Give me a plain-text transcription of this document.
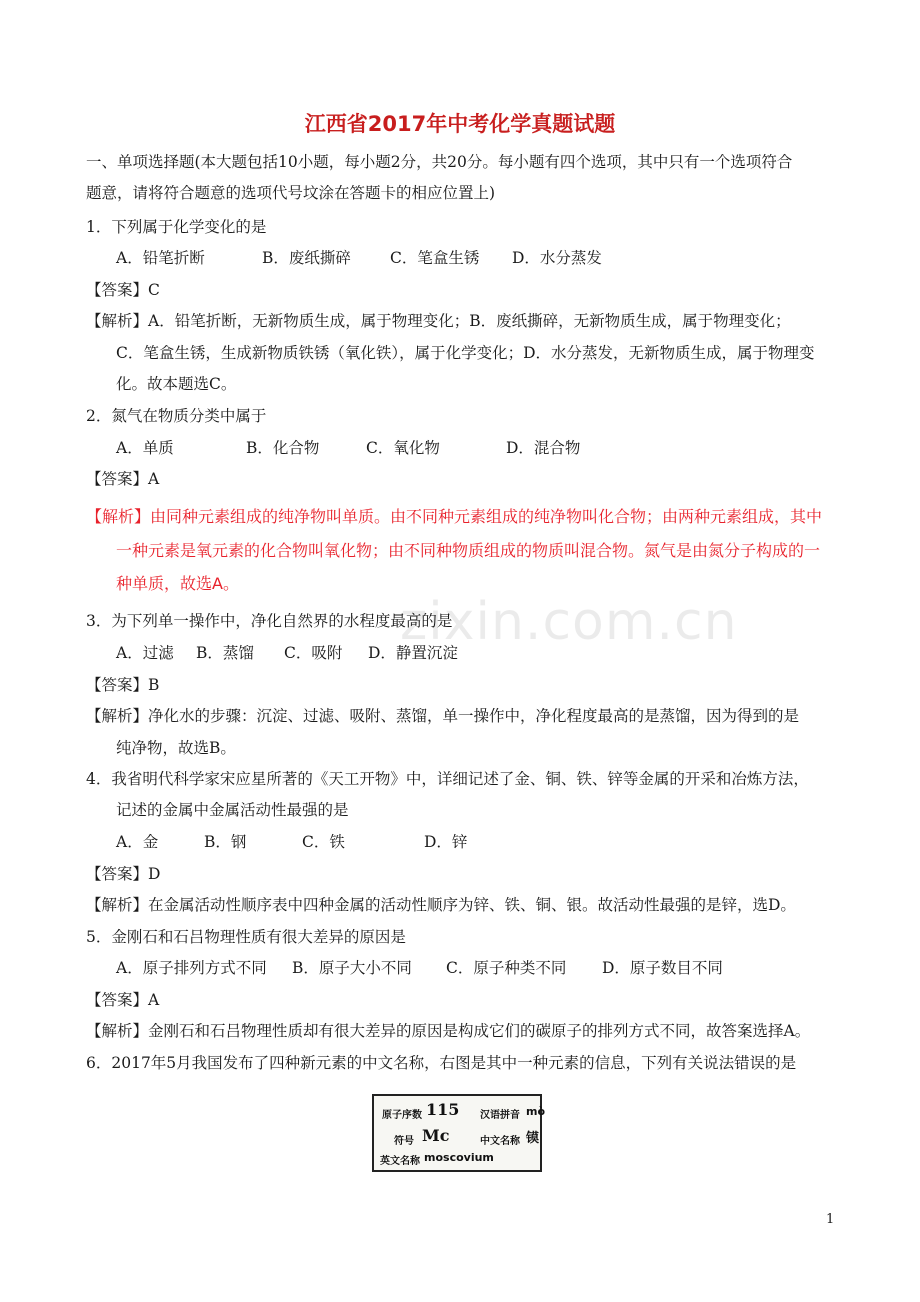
江西省2017年中考化学真题试题
一、单项选择题(本大题包括10小题，每小题2分，共20分。每小题有四个选项，其中只有一个选项符合
题意，请将符合题意的选项代号坟涂在答题卡的相应位置上)
1．下列属于化学变化的是
A．铅笔折断	B．废纸撕碎	C．笔盒生锈 D．水分蒸发
【答案】C
【解析】A．铅笔折断，无新物质生成，属于物理变化；B．废纸撕碎，无新物质生成，属于物理变化；
C．笔盒生锈，生成新物质铁锈（氧化铁），属于化学变化；D．水分蒸发，无新物质生成，属于物理变
化。故本题选C。
2．氮气在物质分类中属于
A．单质	B．化合物	C．氧化物	D．混合物
【答案】A
【解析】由同种元素组成的纯净物叫单质。由不同种元素组成的纯净物叫化合物；由两种元素组成，其中
一种元素是氧元素的化合物叫氧化物；由不同种物质组成的物质叫混合物。氮气是由氮分子构成的一
种单质，故选A。
zixin.com.cn
3．为下列单一操作中，净化自然界的水程度最高的是
A．过滤 B．蒸馏 C．吸附 D．静置沉淀
【答案】B
【解析】净化水的步骤：沉淀、过滤、吸附、蒸馏，单一操作中，净化程度最高的是蒸馏，因为得到的是
纯净物，故选B。
4．我省明代科学家宋应星所著的《天工开物》中，详细记述了金、铜、铁、锌等金属的开采和冶炼方法，
记述的金属中金属活动性最强的是
A．金	B．钢	C．铁	D．锌
【答案】D
【解析】在金属活动性顺序表中四种金属的活动性顺序为锌、铁、铜、银。故活动性最强的是锌，选D。
5．金刚石和石吕物理性质有很大差异的原因是
A．原子排列方式不同 B．原子大小不同 C．原子种类不同 D．原子数目不同
【答案】A
【解析】金刚石和石吕物理性质却有很大差异的原因是构成它们的碳原子的排列方式不同，故答案选择A。
6．2017年5月我国发布了四种新元素的中文名称，右图是其中一种元素的信息，下列有关说法错误的是
原子序数 115 汉语拼音 mò
符号 Mc	中文名称 镆
英文名称 moscovium
1
